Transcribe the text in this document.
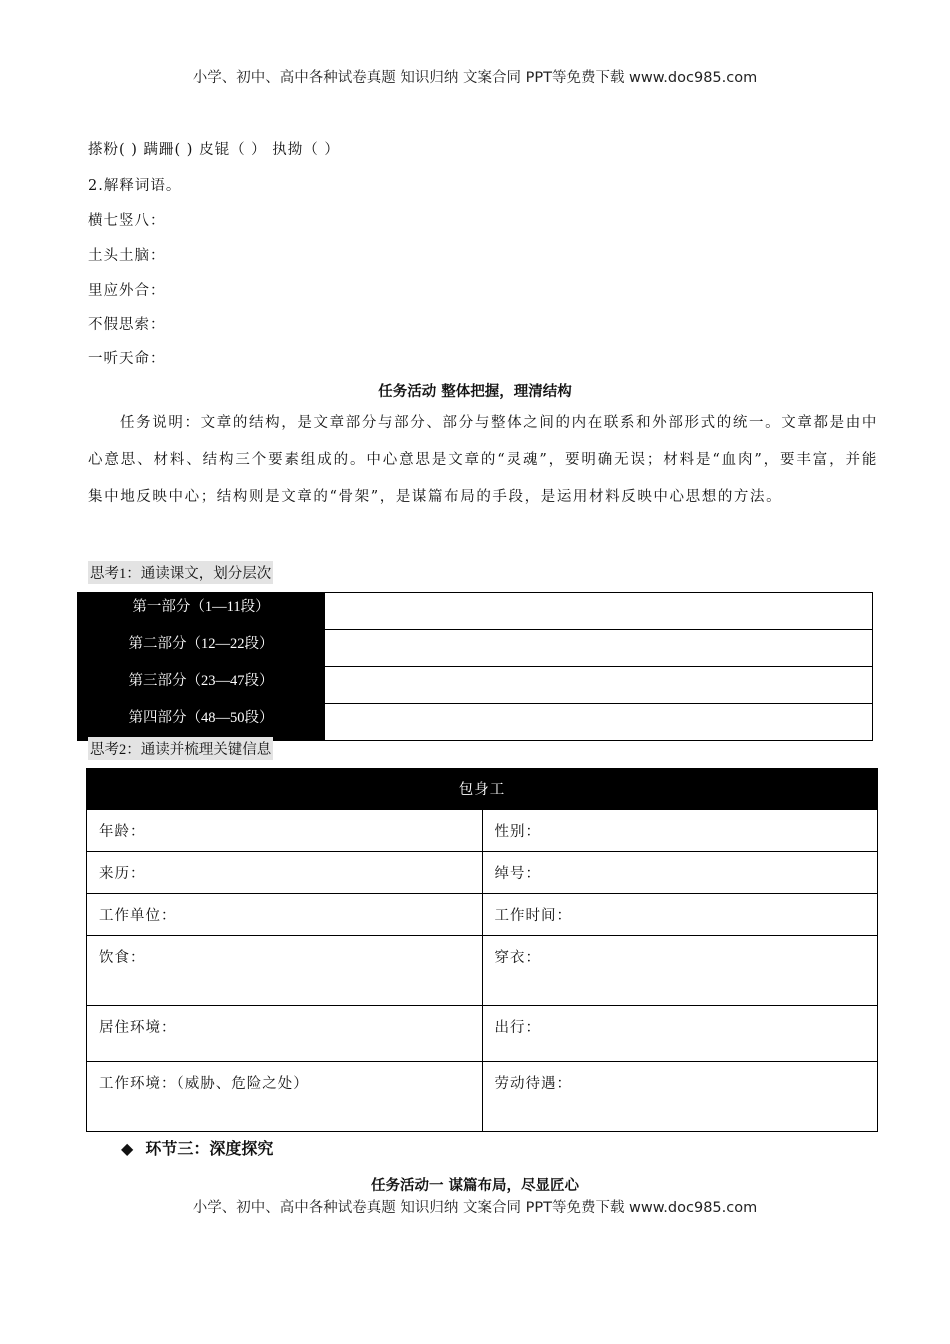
小学、初中、高中各种试卷真题 知识归纳 文案合同 PPT等免费下载 www.doc985.com
搽粉( ) 蹒跚( ) 皮锟（ ） 执拗（ ）
2.解释词语。
横七竖八：
土头土脑：
里应外合：
不假思索：
一听天命：
任务活动 整体把握，理清结构
任务说明：文章的结构，是文章部分与部分、部分与整体之间的内在联系和外部形式的统一。文章都是由中心意思、材料、结构三个要素组成的。中心意思是文章的“灵魂”，要明确无误；材料是“血肉”，要丰富，并能集中地反映中心；结构则是文章的“骨架”，是谋篇布局的手段，是运用材料反映中心思想的方法。
思考1：通读课文，划分层次
第一部分（1—11段）	
第二部分（12—22段）	
第三部分（23—47段）	
第四部分（48—50段）	
思考2：通读并梳理关键信息
包身工	
年龄：	性别：
来历：	绰号：
工作单位：	工作时间：
饮食：	穿衣：
居住环境：	出行：
工作环境：（威胁、危险之处）	劳动待遇：
◆ 环节三：深度探究
任务活动一 谋篇布局，尽显匠心
小学、初中、高中各种试卷真题 知识归纳 文案合同 PPT等免费下载 www.doc985.com
